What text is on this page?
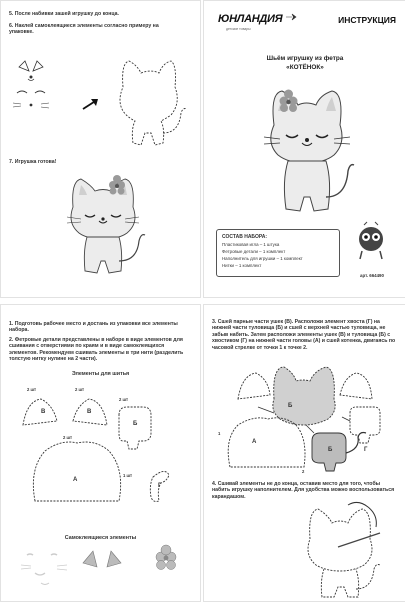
5. После набивки зашей игрушку до конца.
6. Наклей самоклеящиеся элементы согласно примеру на упаковке.
7. Игрушка готова!
ЮНЛАНДИЯ
детские товары
ИНСТРУКЦИЯ
Шьём игрушку из фетра
«КОТЁНОК»
СОСТАВ НАБОРА:
Пластиковая игла – 1 штука
Фетровые детали – 1 комплект
Наполнитель для игрушки – 1 комплект
Нитки – 1 комплект
арт. 664490
1. Подготовь рабочее место и достань из упаковки все элементы набора.
2. Фетровые детали представлены в наборе в виде элементов для сшивания с отверстиями по краям и в виде самоклеящихся элементов. Рекомендуем сшивать элементы в три нити (разделить толстую нитку нулине на 2 части).
Элементы для шитья
2 шт	2 шт
2 шт
2 шт
1 шт
В	В
Б
А
Г
Самоклеящиеся элементы
3. Сшей парные части ушек (В). Расположи элемент хвоста (Г) на нижней части туловища (Б) и сшей с верхней частью туловища, не забыв набить. Затем расположи элементы ушек (В) и туловища (Б) с хвостиком (Г) на нижней части головы (А) и сшей котенка, двигаясь по часовой стрелке от точки 1 к точке 2.
Б
А
Б	Г
1
2
4. Сшивай элементы не до конца, оставив место для того, чтобы набить игрушку наполнителем. Для удобства можно воспользоваться карандашом.
